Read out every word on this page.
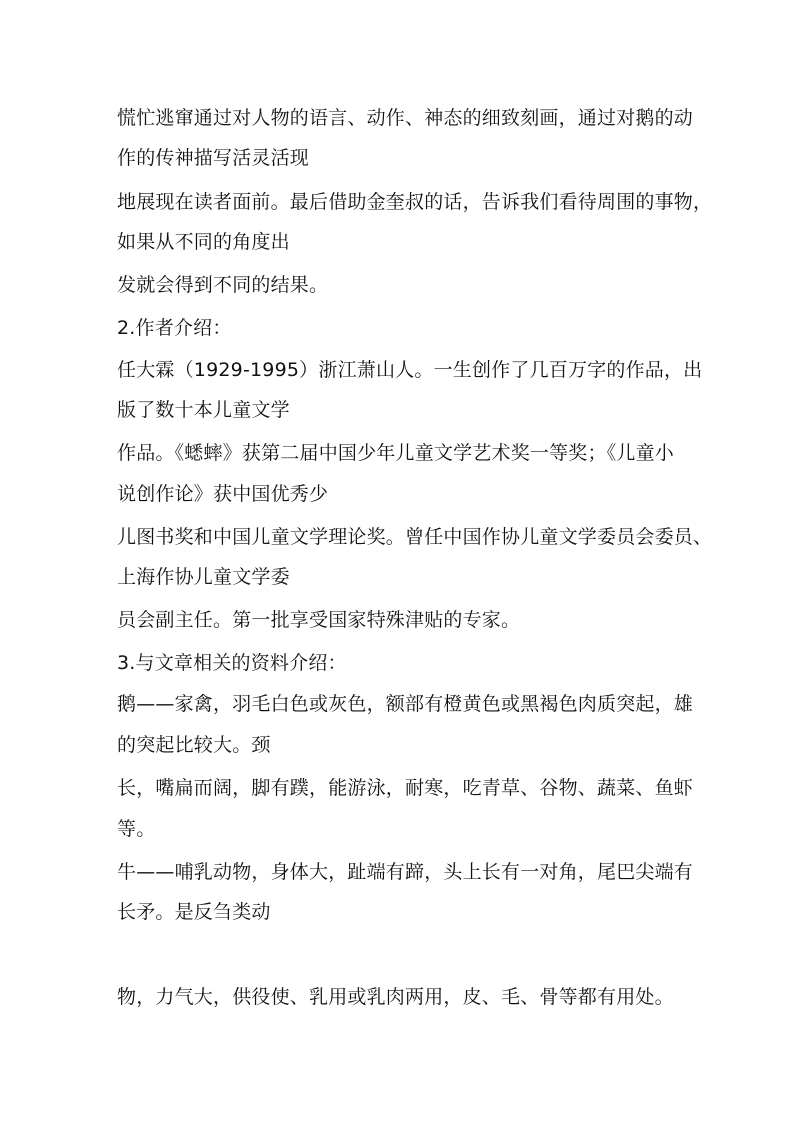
慌忙逃窜通过对人物的语言、动作、神态的细致刻画，通过对鹅的动
作的传神描写活灵活现
地展现在读者面前。最后借助金奎叔的话，告诉我们看待周围的事物，
如果从不同的角度出
发就会得到不同的结果。
2.作者介绍：
任大霖（1929-1995）浙江萧山人。一生创作了几百万字的作品，出
版了数十本儿童文学
作品。《蟋蟀》获第二届中国少年儿童文学艺术奖一等奖；《儿童小
说创作论》获中国优秀少
儿图书奖和中国儿童文学理论奖。曾任中国作协儿童文学委员会委员、
上海作协儿童文学委
员会副主任。第一批享受国家特殊津贴的专家。
3.与文章相关的资料介绍：
鹅——家禽，羽毛白色或灰色，额部有橙黄色或黑褐色肉质突起，雄
的突起比较大。颈
长，嘴扁而阔，脚有蹼，能游泳，耐寒，吃青草、谷物、蔬菜、鱼虾
等。
牛——哺乳动物，身体大，趾端有蹄，头上长有一对角，尾巴尖端有
长矛。是反刍类动
物，力气大，供役使、乳用或乳肉两用，皮、毛、骨等都有用处。
